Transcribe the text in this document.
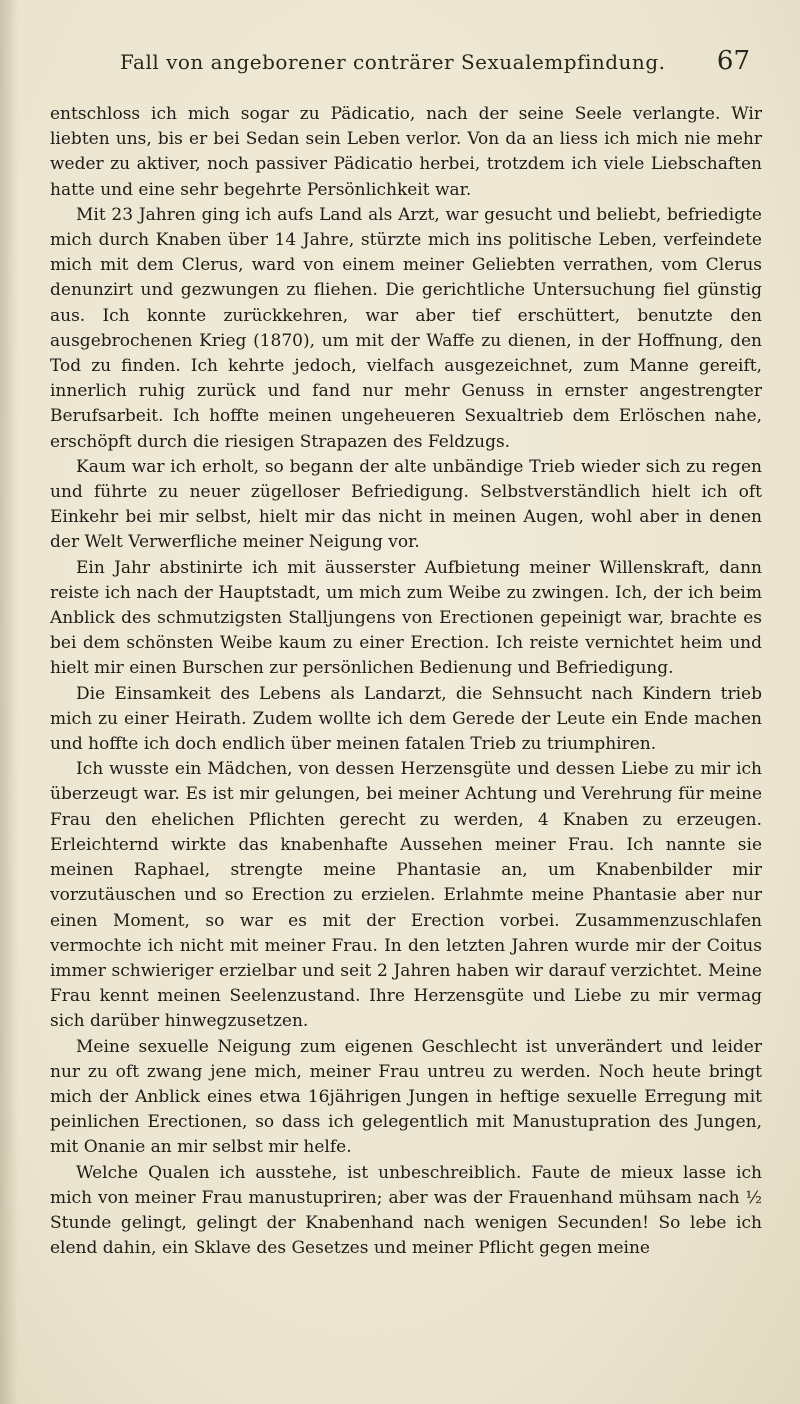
Fall von angeborener conträrer Sexualempfindung. 67

entschloss ich mich sogar zu Pädicatio, nach der seine Seele verlangte. Wir liebten uns, bis er bei Sedan sein Leben verlor. Von da an liess ich mich nie mehr weder zu aktiver, noch passiver Pädicatio herbei, trotzdem ich viele Liebschaften hatte und eine sehr begehrte Persönlichkeit war.

Mit 23 Jahren ging ich aufs Land als Arzt, war gesucht und beliebt, befriedigte mich durch Knaben über 14 Jahre, stürzte mich ins politische Leben, verfeindete mich mit dem Clerus, ward von einem meiner Geliebten verrathen, vom Clerus denunzirt und gezwungen zu fliehen. Die gerichtliche Untersuchung fiel günstig aus. Ich konnte zurückkehren, war aber tief erschüttert, benutzte den ausgebrochenen Krieg (1870), um mit der Waffe zu dienen, in der Hoffnung, den Tod zu finden. Ich kehrte jedoch, vielfach ausgezeichnet, zum Manne gereift, innerlich ruhig zurück und fand nur mehr Genuss in ernster angestrengter Berufsarbeit. Ich hoffte meinen ungeheueren Sexualtrieb dem Erlöschen nahe, erschöpft durch die riesigen Strapazen des Feldzugs.

Kaum war ich erholt, so begann der alte unbändige Trieb wieder sich zu regen und führte zu neuer zügelloser Befriedigung. Selbstverständlich hielt ich oft Einkehr bei mir selbst, hielt mir das nicht in meinen Augen, wohl aber in denen der Welt Verwerfliche meiner Neigung vor.

Ein Jahr abstinirte ich mit äusserster Aufbietung meiner Willenskraft, dann reiste ich nach der Hauptstadt, um mich zum Weibe zu zwingen. Ich, der ich beim Anblick des schmutzigsten Stalljungens von Erectionen gepeinigt war, brachte es bei dem schönsten Weibe kaum zu einer Erection. Ich reiste vernichtet heim und hielt mir einen Burschen zur persönlichen Bedienung und Befriedigung.

Die Einsamkeit des Lebens als Landarzt, die Sehnsucht nach Kindern trieb mich zu einer Heirath. Zudem wollte ich dem Gerede der Leute ein Ende machen und hoffte ich doch endlich über meinen fatalen Trieb zu triumphiren.

Ich wusste ein Mädchen, von dessen Herzensgüte und dessen Liebe zu mir ich überzeugt war. Es ist mir gelungen, bei meiner Achtung und Verehrung für meine Frau den ehelichen Pflichten gerecht zu werden, 4 Knaben zu erzeugen. Erleichternd wirkte das knabenhafte Aussehen meiner Frau. Ich nannte sie meinen Raphael, strengte meine Phantasie an, um Knabenbilder mir vorzutäuschen und so Erection zu erzielen. Erlahmte meine Phantasie aber nur einen Moment, so war es mit der Erection vorbei. Zusammenzuschlafen vermochte ich nicht mit meiner Frau. In den letzten Jahren wurde mir der Coitus immer schwieriger erzielbar und seit 2 Jahren haben wir darauf verzichtet. Meine Frau kennt meinen Seelenzustand. Ihre Herzensgüte und Liebe zu mir vermag sich darüber hinwegzusetzen.

Meine sexuelle Neigung zum eigenen Geschlecht ist unverändert und leider nur zu oft zwang jene mich, meiner Frau untreu zu werden. Noch heute bringt mich der Anblick eines etwa 16jährigen Jungen in heftige sexuelle Erregung mit peinlichen Erectionen, so dass ich gelegentlich mit Manustupration des Jungen, mit Onanie an mir selbst mir helfe.

Welche Qualen ich ausstehe, ist unbeschreiblich. Faute de mieux lasse ich mich von meiner Frau manustupriren; aber was der Frauenhand mühsam nach ½ Stunde gelingt, gelingt der Knabenhand nach wenigen Secunden! So lebe ich elend dahin, ein Sklave des Gesetzes und meiner Pflicht gegen meine
